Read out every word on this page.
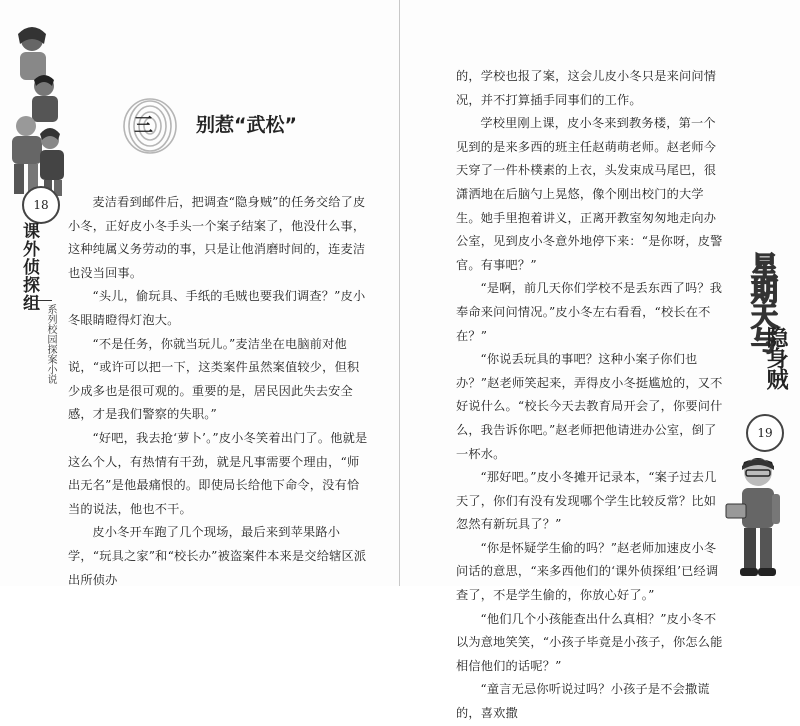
18
课外侦探组
系列校园探案小说
三 别惹“武松”

麦洁看到邮件后，把调查“隐身贼”的任务交给了皮小冬，正好皮小冬手头一个案子结案了，他没什么事，这种纯属义务劳动的事，只是让他消磨时间的，连麦洁也没当回事。

“头儿，偷玩具、手纸的毛贼也要我们调查？”皮小冬眼睛瞪得灯泡大。

“不是任务，你就当玩儿。”麦洁坐在电脑前对他说，“或许可以把一下，这类案件虽然案值较少，但积少成多也是很可观的。重要的是，居民因此失去安全感，才是我们警察的失职。”

“好吧，我去抢‘萝卜’。”皮小冬笑着出门了。他就是这么个人，有热情有干劲，就是凡事需要个理由，“师出无名”是他最痛恨的。即使局长给他下命令，没有恰当的说法，他也不干。

皮小冬开车跑了几个现场，最后来到苹果路小学，“玩具之家”和“校长办”被盗案件本来是交给辖区派出所侦办

的，学校也报了案，这会儿皮小冬只是来问问情况，并不打算插手同事们的工作。

学校里刚上课，皮小冬来到教务楼，第一个见到的是来多西的班主任赵萌萌老师。赵老师今天穿了一件朴樸素的上衣，头发束成马尾巴，很潇洒地在后脑勺上晃悠，像个刚出校门的大学生。她手里抱着讲义，正离开教室匆匆地走向办公室，见到皮小冬意外地停下来：“是你呀，皮警官。有事吧？”

“是啊，前几天你们学校不是丢东西了吗？我奉命来问问情况。”皮小冬左右看看，“校长在不在？”

“你说丢玩具的事吧？这种小案子你们也办？”赵老师笑起来，弄得皮小冬挺尴尬的，又不好说什么。“校长今天去教育局开会了，你要问什么，我告诉你吧。”赵老师把他请进办公室，倒了一杯水。

“那好吧。”皮小冬摊开记录本，“案子过去几天了，你们有没有发现哪个学生比较反常？比如忽然有新玩具了？”

“你是怀疑学生偷的吗？”赵老师加速皮小冬问话的意思，“来多西他们的‘课外侦探组’已经调查了，不是学生偷的，你放心好了。”

“他们几个小孩能查出什么真相？”皮小冬不以为意地笑笑，“小孩子毕竟是小孩子，你怎么能相信他们的话呢？”

“童言无忌你听说过吗？小孩子是不会撒谎的，喜欢撒

星期天与
隐身贼
19
